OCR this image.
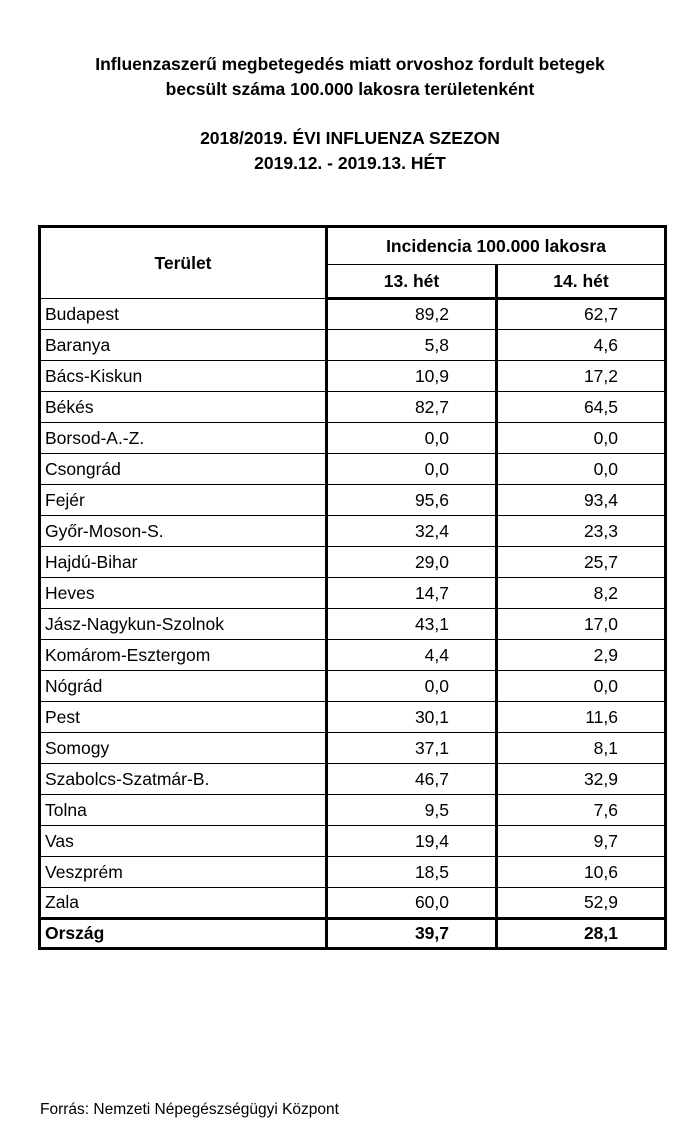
Influenzaszerű megbetegedés miatt orvoshoz fordult betegek
becsült száma 100.000 lakosra területenként
2018/2019. ÉVI INFLUENZA SZEZON
2019.12. - 2019.13. HÉT
Terület	Incidencia 100.000 lakosra	
	13. hét	14. hét
Budapest	89,2	62,7
Baranya	5,8	4,6
Bács-Kiskun	10,9	17,2
Békés	82,7	64,5
Borsod-A.-Z.	0,0	0,0
Csongrád	0,0	0,0
Fejér	95,6	93,4
Győr-Moson-S.	32,4	23,3
Hajdú-Bihar	29,0	25,7
Heves	14,7	8,2
Jász-Nagykun-Szolnok	43,1	17,0
Komárom-Esztergom	4,4	2,9
Nógrád	0,0	0,0
Pest	30,1	11,6
Somogy	37,1	8,1
Szabolcs-Szatmár-B.	46,7	32,9
Tolna	9,5	7,6
Vas	19,4	9,7
Veszprém	18,5	10,6
Zala	60,0	52,9
Ország	39,7	28,1
Forrás: Nemzeti Népegészségügyi Központ
